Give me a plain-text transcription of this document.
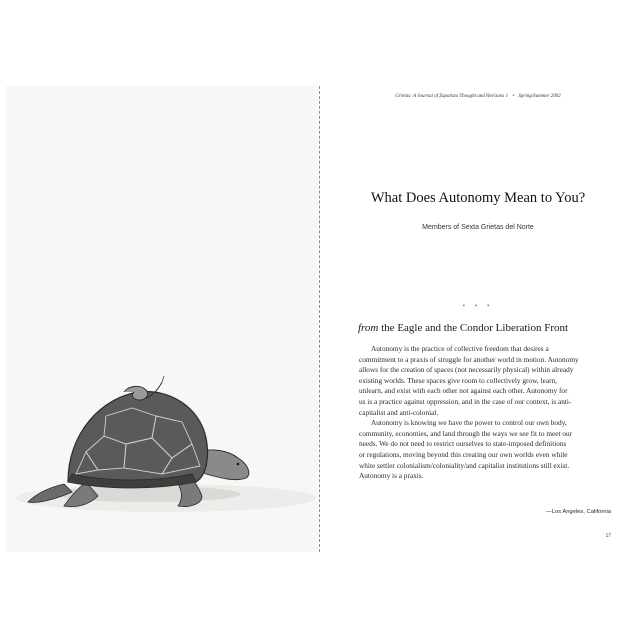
Grietas: A Journal of Zapatista Thought and Horizons 1 • Spring/Summer 2002
What Does Autonomy Mean to You?
Members of Sexta Grietas del Norte
• • •
from the Eagle and the Condor Liberation Front

Autonomy is the practice of collective freedom that desires a
commitment to a praxis of struggle for another world in motion. Autonomy
allows for the creation of spaces (not necessarily physical) within already
existing worlds. These spaces give room to collectively grow, learn,
unlearn, and exist with each other not against each other. Autonomy for
us is a practice against oppression, and in the case of our context, is anti-
capitalist and anti-colonial.

Autonomy is knowing we have the power to control our own body,
community, economies, and land through the ways we see fit to meet our
needs. We do not need to restrict ourselves to state-imposed definitions
or regulations, moving beyond this creating our own worlds even while
white settler colonialism/coloniality/and capitalist institutions still exist.
Autonomy is a praxis.

—Los Angeles, California
17
